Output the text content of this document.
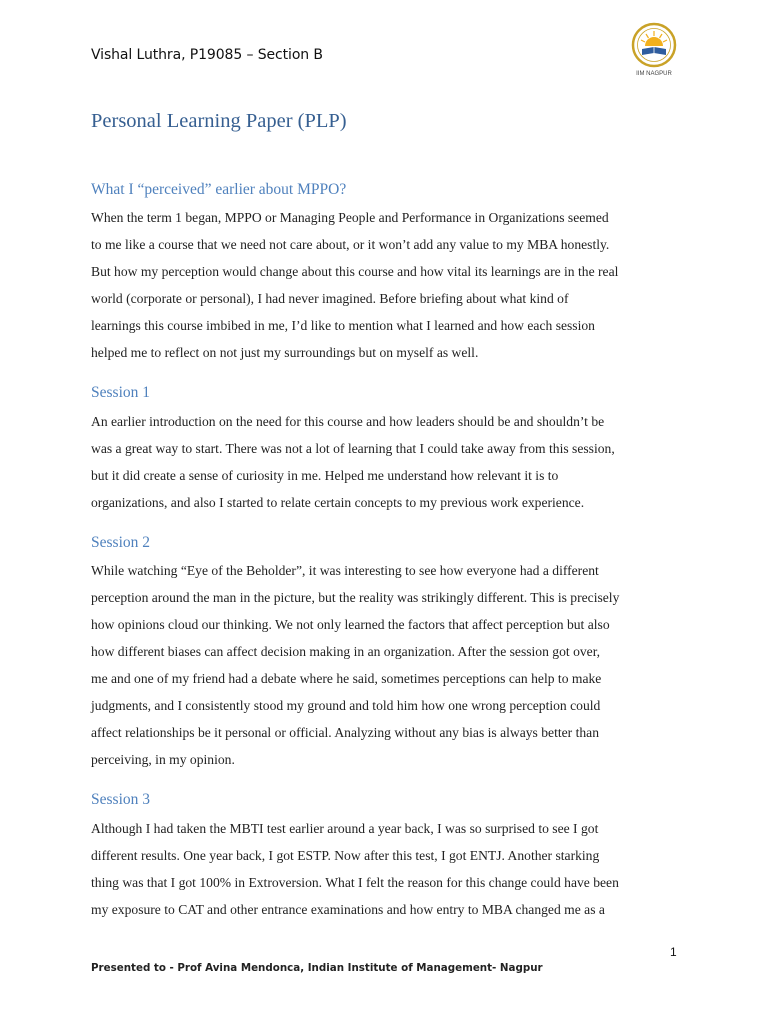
Vishal Luthra, P19085 – Section B
IIM NAGPUR
Personal Learning Paper (PLP)
What I “perceived” earlier about MPPO?

When the term 1 began, MPPO or Managing People and Performance in Organizations seemed
to me like a course that we need not care about, or it won’t add any value to my MBA honestly.
But how my perception would change about this course and how vital its learnings are in the real
world (corporate or personal), I had never imagined. Before briefing about what kind of
learnings this course imbibed in me, I’d like to mention what I learned and how each session
helped me to reflect on not just my surroundings but on myself as well.

Session 1

An earlier introduction on the need for this course and how leaders should be and shouldn’t be
was a great way to start. There was not a lot of learning that I could take away from this session,
but it did create a sense of curiosity in me. Helped me understand how relevant it is to
organizations, and also I started to relate certain concepts to my previous work experience.

Session 2

While watching “Eye of the Beholder”, it was interesting to see how everyone had a different
perception around the man in the picture, but the reality was strikingly different. This is precisely
how opinions cloud our thinking. We not only learned the factors that affect perception but also
how different biases can affect decision making in an organization. After the session got over,
me and one of my friend had a debate where he said, sometimes perceptions can help to make
judgments, and I consistently stood my ground and told him how one wrong perception could
affect relationships be it personal or official. Analyzing without any bias is always better than
perceiving, in my opinion.

Session 3

Although I had taken the MBTI test earlier around a year back, I was so surprised to see I got
different results. One year back, I got ESTP. Now after this test, I got ENTJ. Another starking
thing was that I got 100% in Extroversion. What I felt the reason for this change could have been
my exposure to CAT and other entrance examinations and how entry to MBA changed me as a

1
Presented to - Prof Avina Mendonca, Indian Institute of Management- Nagpur
